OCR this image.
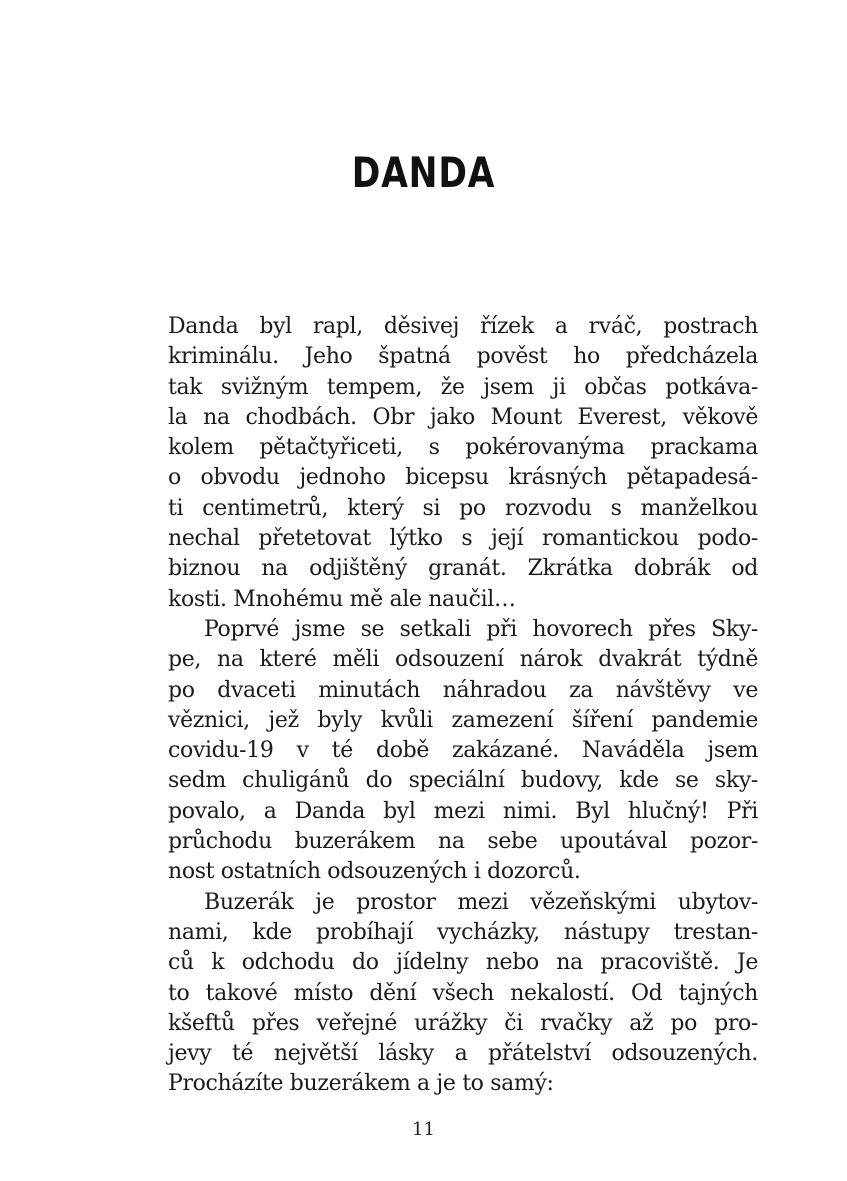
DANDA
Danda byl rapl, děsivej řízek a rváč, postrach
kriminálu. Jeho špatná pověst ho předcházela
tak svižným tempem, že jsem ji občas potkáva-
la na chodbách. Obr jako Mount Everest, věkově
kolem pětačtyřiceti, s pokérovanýma prackama
o obvodu jednoho bicepsu krásných pětapadesá-
ti centimetrů, který si po rozvodu s manželkou
nechal přetetovat lýtko s její romantickou podo-
biznou na odjištěný granát. Zkrátka dobrák od
kosti. Mnohému mě ale naučil…
Poprvé jsme se setkali při hovorech přes Sky-
pe, na které měli odsouzení nárok dvakrát týdně
po dvaceti minutách náhradou za návštěvy ve
věznici, jež byly kvůli zamezení šíření pandemie
covidu-19 v té době zakázané. Naváděla jsem
sedm chuligánů do speciální budovy, kde se sky-
povalo, a Danda byl mezi nimi. Byl hlučný! Při
průchodu buzerákem na sebe upoutával pozor-
nost ostatních odsouzených i dozorců.
Buzerák je prostor mezi vězeňskými ubytov-
nami, kde probíhají vycházky, nástupy trestan-
ců k odchodu do jídelny nebo na pracoviště. Je
to takové místo dění všech nekalostí. Od tajných
kšeftů přes veřejné urážky či rvačky až po pro-
jevy té největší lásky a přátelství odsouzených.
Procházíte buzerákem a je to samý:
11
